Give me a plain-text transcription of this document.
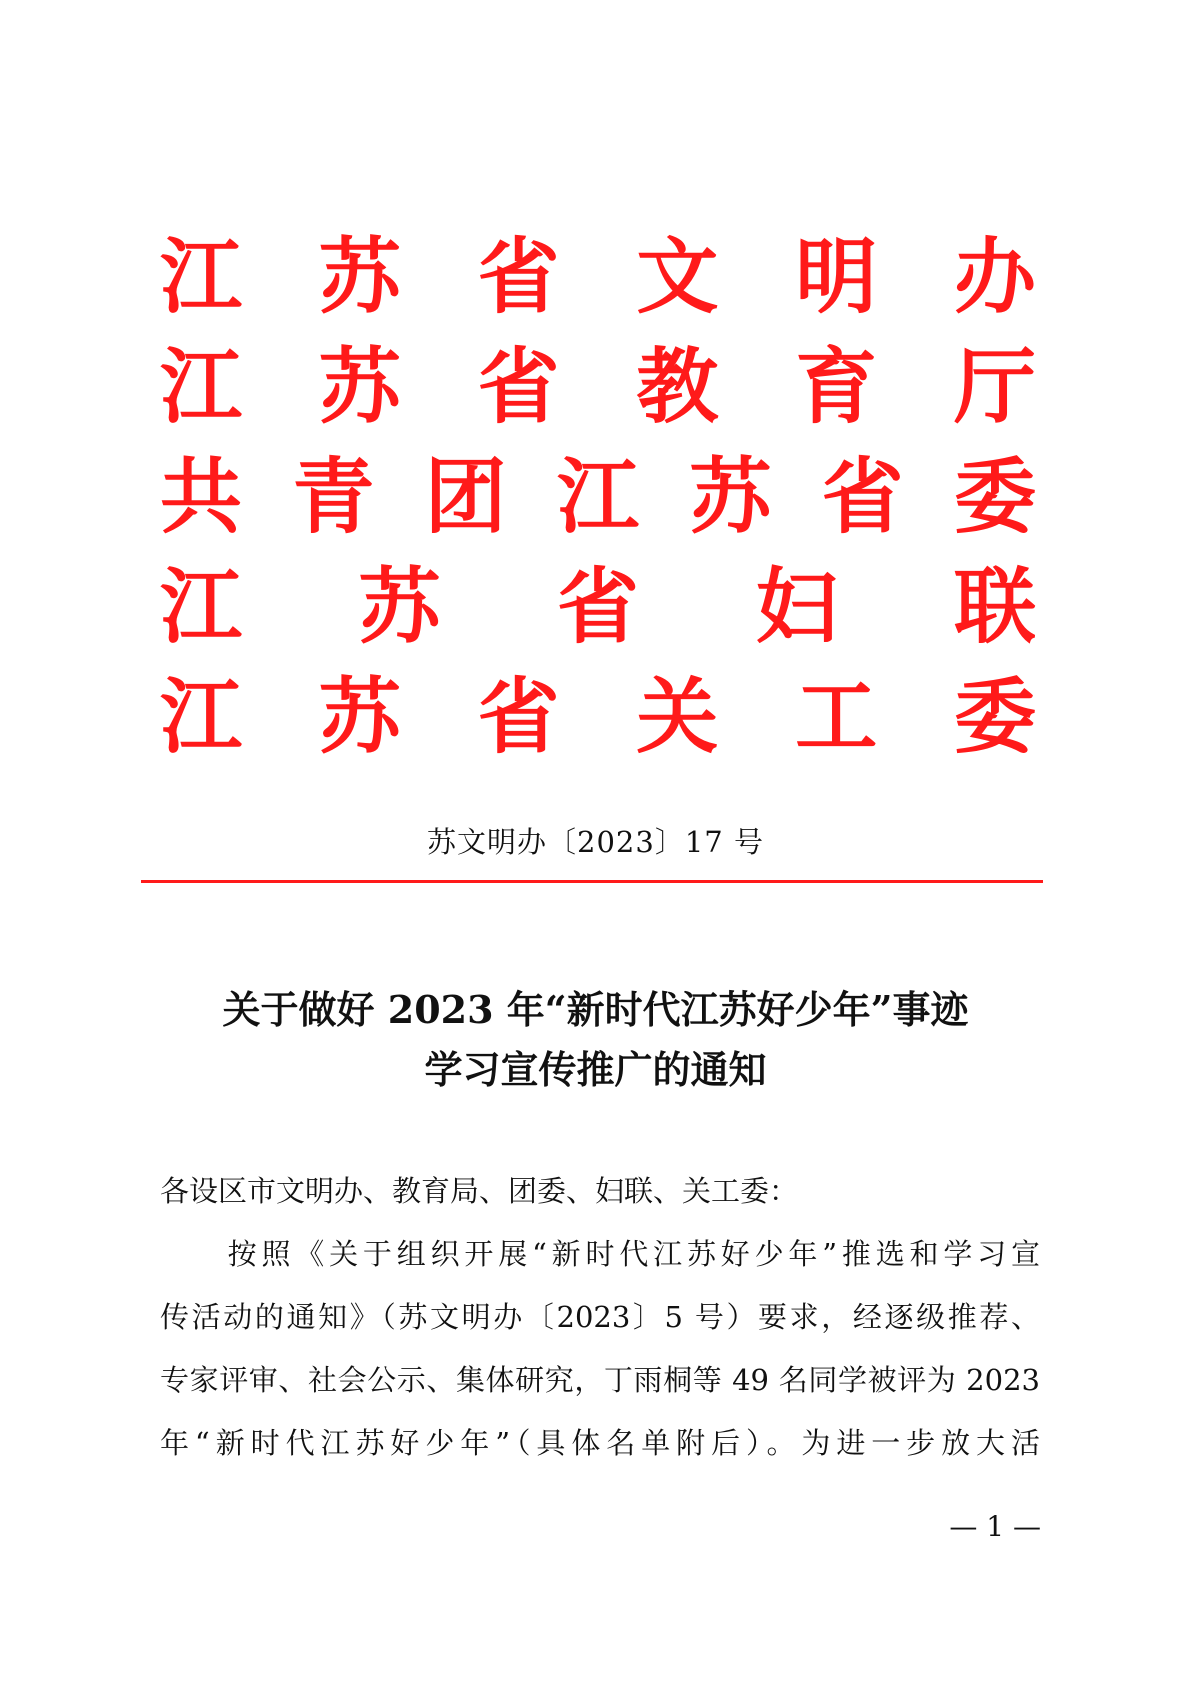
江 苏 省 文 明 办
江 苏 省 教 育 厅
共 青 团 江 苏 省 委
江 苏 省 妇 联
江 苏 省 关 工 委
苏文明办〔2023〕17 号
关于做好 2023 年“新时代江苏好少年”事迹
学习宣传推广的通知
各设区市文明办、教育局、团委、妇联、关工委：
　　按照《关于组织开展“新时代江苏好少年”推选和学习宣
传活动的通知》（苏文明办〔2023〕5 号）要求，经逐级推荐、
专家评审、社会公示、集体研究，丁雨桐等 49 名同学被评为 2023
年“新时代江苏好少年”（具体名单附后）。为进一步放大活
— 1 —
